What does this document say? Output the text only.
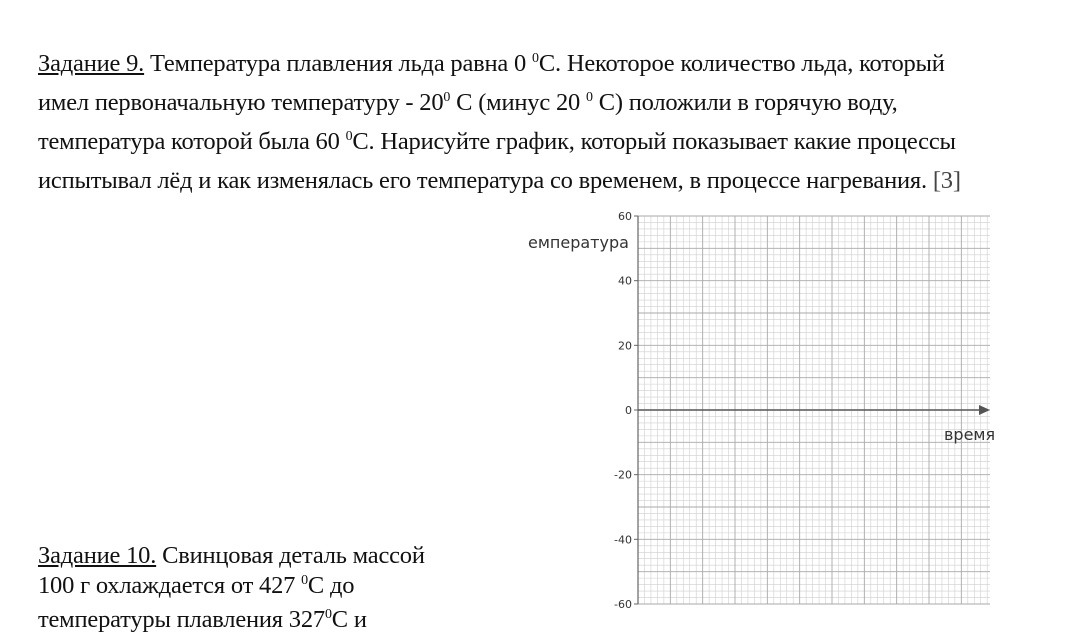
Задание 9. Температура плавления льда равна 0 $^0$С. Некоторое количество льда, который
имел первоначальную температуру - $20^0$ С (минус 20 $^0$ С) положили в горячую воду,
температура которой была 60 $^0$С. Нарисуйте график, который показывает какие процессы
испытывал лёд и как изменялась его температура со временем, в процессе нагревания. [3]
60
40
20
0
-20
-40
-60
емпература
время
Задание 10. Свинцовая деталь массой
100 г охлаждается от 427 $^0$С до
температуры плавления $327^0С$ и
